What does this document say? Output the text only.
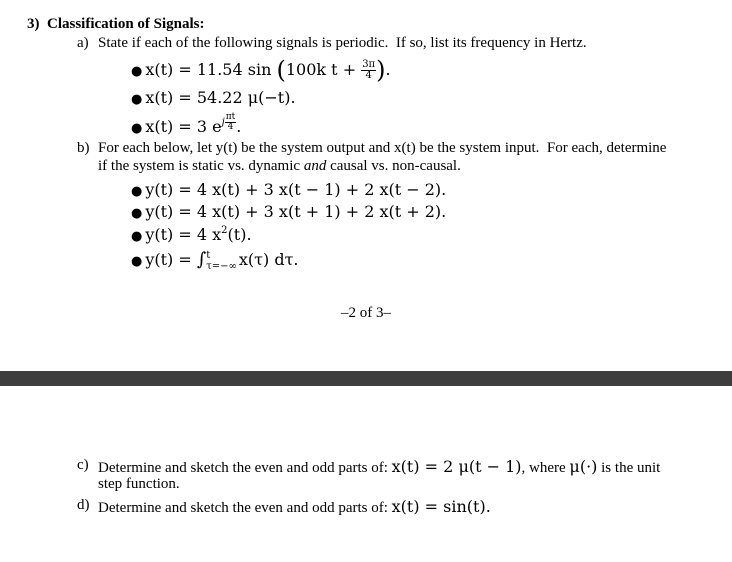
3)  Classification of Signals:
a) State if each of the following signals is periodic.  If so, list its frequency in Hertz.
● x(t) = 11.54 sin (100k $t + \frac{3\pi}{4}$ ).
● x(t) = 54.22 μ(−t).
● x(t) = 3 $e^{j \frac{\pi t}{4}}$ .
b) For each below, let y(t) be the system output and x(t) be the system input.  For each, determine
if the system is static vs. dynamic and causal vs. non-causal.
● y(t) = 4 x(t) + 3 x(t − 1) + 2 x(t − 2).
● y(t) = 4 x(t) + 3 x(t + 1) + 2 x(t + 2).
● y(t) = 4 $x^2(t)$.
● y(t) = ∫ t
τ=−∞ x(τ) dτ.
–2 of 3–
c) Determine and sketch the even and odd parts of: x(t) = 2 μ(t − 1), where μ(·) is the unit
step function.
d) Determine and sketch the even and odd parts of: x(t) = sin(t).
